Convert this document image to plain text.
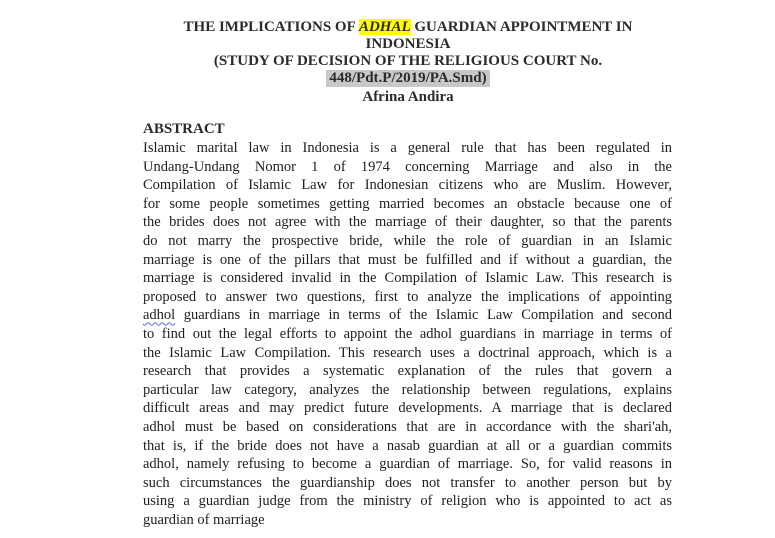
THE IMPLICATIONS OF ADHAL GUARDIAN APPOINTMENT IN
INDONESIA
(STUDY OF DECISION OF THE RELIGIOUS COURT No.
448/Pdt.P/2019/PA.Smd)
Afrina Andira
ABSTRACT
Islamic marital law in Indonesia is a general rule that has been regulated in
Undang-Undang Nomor 1 of 1974 concerning Marriage and also in the
Compilation of Islamic Law for Indonesian citizens who are Muslim. However,
for some people sometimes getting married becomes an obstacle because one of
the brides does not agree with the marriage of their daughter, so that the parents
do not marry the prospective bride, while the role of guardian in an Islamic
marriage is one of the pillars that must be fulfilled and if without a guardian, the
marriage is considered invalid in the Compilation of Islamic Law. This research is
proposed to answer two questions, first to analyze the implications of appointing
adhol guardians in marriage in terms of the Islamic Law Compilation and second
to find out the legal efforts to appoint the adhol guardians in marriage in terms of
the Islamic Law Compilation. This research uses a doctrinal approach, which is a
research that provides a systematic explanation of the rules that govern a
particular law category, analyzes the relationship between regulations, explains
difficult areas and may predict future developments. A marriage that is declared
adhol must be based on considerations that are in accordance with the shari'ah,
that is, if the bride does not have a nasab guardian at all or a guardian commits
adhol, namely refusing to become a guardian of marriage. So, for valid reasons in
such circumstances the guardianship does not transfer to another person but by
using a guardian judge from the ministry of religion who is appointed to act as
guardian of marriage
